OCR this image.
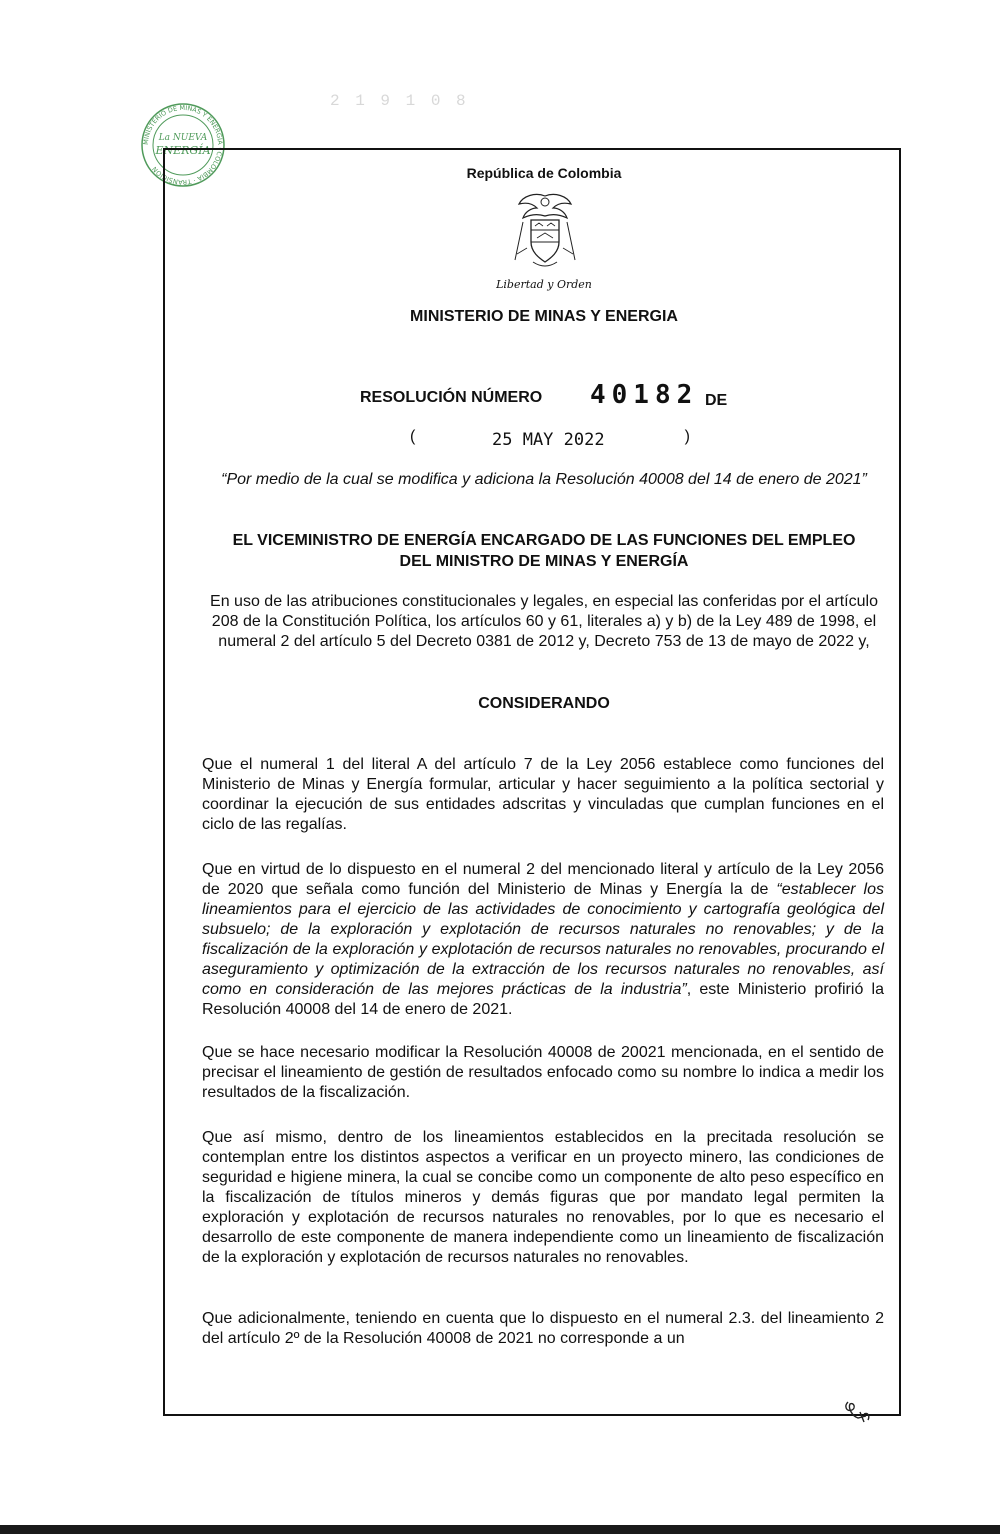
MINISTERIO DE MINAS Y ENERGÍA · COLOMBIA · TRANSICIÓN
La NUEVA
ENERGÍA
2 1 9 1 0 8
República de Colombia
Libertad y Orden
MINISTERIO DE MINAS Y ENERGIA
RESOLUCIÓN NÚMERO 40182 DE
(	25 MAY 2022	)
“Por medio de la cual se modifica y adiciona la Resolución 40008 del 14 de enero de 2021”
EL VICEMINISTRO DE ENERGÍA ENCARGADO DE LAS FUNCIONES DEL EMPLEO
DEL MINISTRO DE MINAS Y ENERGÍA
En uso de las atribuciones constitucionales y legales, en especial las conferidas por el artículo 208 de la Constitución Política, los artículos 60 y 61, literales a) y b) de la Ley 489 de 1998, el numeral 2 del artículo 5 del Decreto 0381 de 2012 y, Decreto 753 de 13 de mayo de 2022 y,
CONSIDERANDO
Que el numeral 1 del literal A del artículo 7 de la Ley 2056 establece como funciones del Ministerio de Minas y Energía formular, articular y hacer seguimiento a la política sectorial y coordinar la ejecución de sus entidades adscritas y vinculadas que cumplan funciones en el ciclo de las regalías.
Que en virtud de lo dispuesto en el numeral 2 del mencionado literal y artículo de la Ley 2056 de 2020 que señala como función del Ministerio de Minas y Energía la de “establecer los lineamientos para el ejercicio de las actividades de conocimiento y cartografía geológica del subsuelo; de la exploración y explotación de recursos naturales no renovables; y de la fiscalización de la exploración y explotación de recursos naturales no renovables, procurando el aseguramiento y optimización de la extracción de los recursos naturales no renovables, así como en consideración de las mejores prácticas de la industria”, este Ministerio profirió la Resolución 40008 del 14 de enero de 2021.
Que se hace necesario modificar la Resolución 40008 de 20021 mencionada, en el sentido de precisar el lineamiento de gestión de resultados enfocado como su nombre lo indica a medir los resultados de la fiscalización.
Que así mismo, dentro de los lineamientos establecidos en la precitada resolución se contemplan entre los distintos aspectos a verificar en un proyecto minero, las condiciones de seguridad e higiene minera, la cual se concibe como un componente de alto peso específico en la fiscalización de títulos mineros y demás figuras que por mandato legal permiten la exploración y explotación de recursos naturales no renovables, por lo que es necesario el desarrollo de este componente de manera independiente como un lineamiento de fiscalización de la exploración y explotación de recursos naturales no renovables.
Que adicionalmente, teniendo en cuenta que lo dispuesto en el numeral 2.3. del lineamiento 2 del artículo 2º de la Resolución 40008 de 2021 no corresponde a un
